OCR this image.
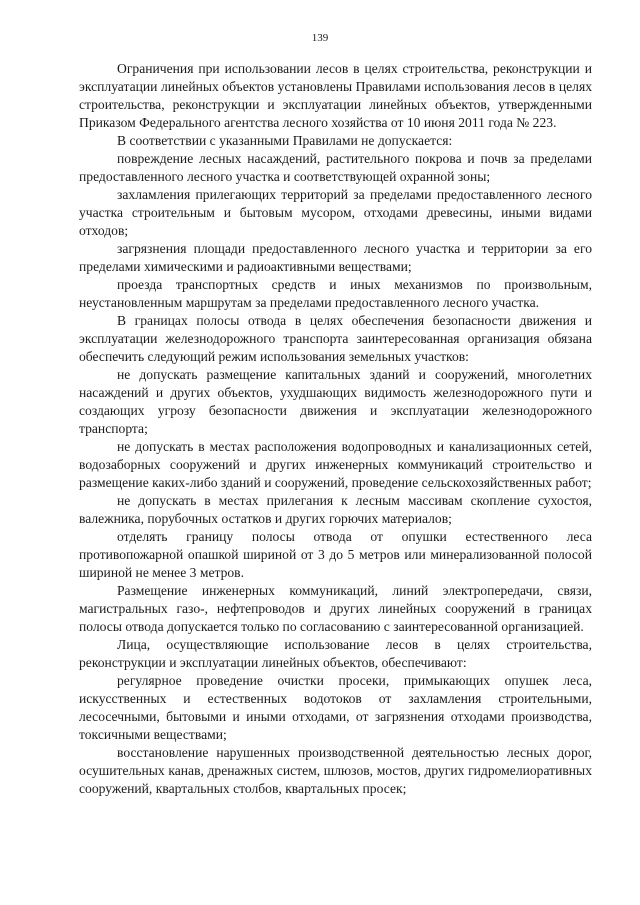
139

Ограничения при использовании лесов в целях строительства, реконструкции и эксплуатации линейных объектов установлены Правилами использования лесов в целях строительства, реконструкции и эксплуатации линейных объектов, утвержденными Приказом Федерального агентства лесного хозяйства от 10 июня 2011 года № 223.

В соответствии с указанными Правилами не допускается:

повреждение лесных насаждений, растительного покрова и почв за пределами предоставленного лесного участка и соответствующей охранной зоны;

захламления прилегающих территорий за пределами предоставленного лесного участка строительным и бытовым мусором, отходами древесины, иными видами отходов;

загрязнения площади предоставленного лесного участка и территории за его пределами химическими и радиоактивными веществами;

проезда транспортных средств и иных механизмов по произвольным, неустановленным маршрутам за пределами предоставленного лесного участка.

В границах полосы отвода в целях обеспечения безопасности движения и эксплуатации железнодорожного транспорта заинтересованная организация обязана обеспечить следующий режим использования земельных участков:

не допускать размещение капитальных зданий и сооружений, многолетних насаждений и других объектов, ухудшающих видимость железнодорожного пути и создающих угрозу безопасности движения и эксплуатации железнодорожного транспорта;

не допускать в местах расположения водопроводных и канализационных сетей, водозаборных сооружений и других инженерных коммуникаций строительство и размещение каких-либо зданий и сооружений, проведение сельскохозяйственных работ;

не допускать в местах прилегания к лесным массивам скопление сухостоя, валежника, порубочных остатков и других горючих материалов;

отделять границу полосы отвода от опушки естественного леса противопожарной опашкой шириной от 3 до 5 метров или минерализованной полосой шириной не менее 3 метров.

Размещение инженерных коммуникаций, линий электропередачи, связи, магистральных газо-, нефтепроводов и других линейных сооружений в границах полосы отвода допускается только по согласованию с заинтересованной организацией.

Лица, осуществляющие использование лесов в целях строительства, реконструкции и эксплуатации линейных объектов, обеспечивают:

регулярное проведение очистки просеки, примыкающих опушек леса, искусственных и естественных водотоков от захламления строительными, лесосечными, бытовыми и иными отходами, от загрязнения отходами производства, токсичными веществами;

восстановление нарушенных производственной деятельностью лесных дорог, осушительных канав, дренажных систем, шлюзов, мостов, других гидромелиоративных сооружений, квартальных столбов, квартальных просек;
